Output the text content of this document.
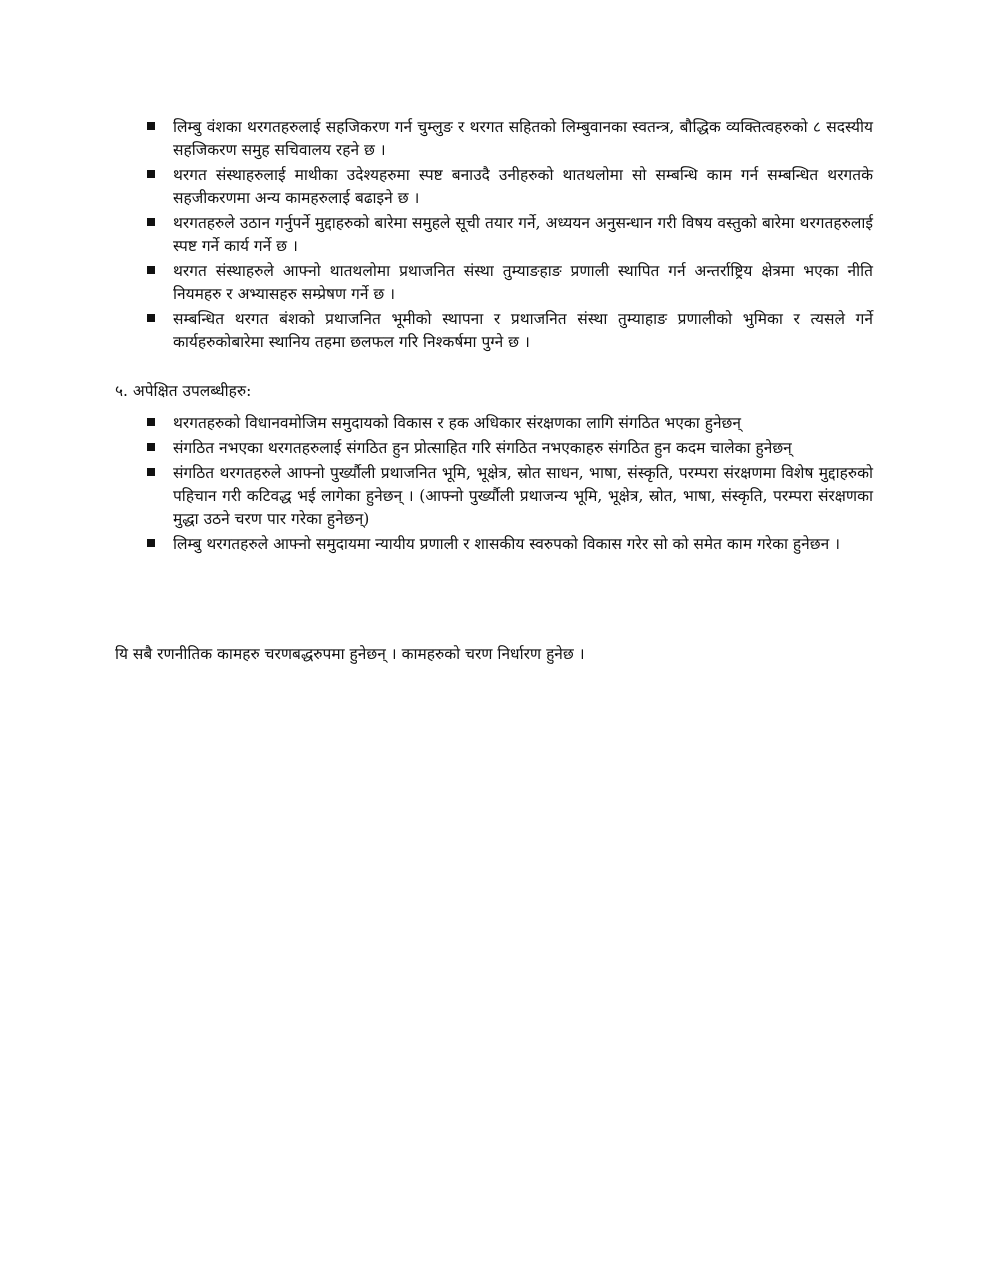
लिम्बु वंशका थरगतहरुलाई सहजिकरण गर्न चुम्लुङ र थरगत सहितको लिम्बुवानका स्वतन्त्र, बौद्धिक व्यक्तित्वहरुको ८ सदस्यीय सहजिकरण समुह सचिवालय रहने छ ।
थरगत संस्थाहरुलाई माथीका उदेश्यहरुमा स्पष्ट बनाउदै उनीहरुको थातथलोमा सो सम्बन्धि काम गर्न सम्बन्धित थरगतके सहजीकरणमा अन्य कामहरुलाई बढाइने छ ।
थरगतहरुले उठान गर्नुपर्ने मुद्दाहरुको बारेमा समुहले सूची तयार गर्ने, अध्ययन अनुसन्धान गरी विषय वस्तुको बारेमा थरगतहरुलाई स्पष्ट गर्ने कार्य गर्ने छ ।
थरगत संस्थाहरुले आफ्नो थातथलोमा प्रथाजनित संस्था तुम्याङहाङ प्रणाली स्थापित गर्न अन्तर्राष्ट्रिय क्षेत्रमा भएका नीति नियमहरु र अभ्यासहरु सम्प्रेषण गर्ने छ ।
सम्बन्धित थरगत बंशको प्रथाजनित भूमीको स्थापना र प्रथाजनित संस्था तुम्याहाङ प्रणालीको भुमिका र त्यसले गर्ने कार्यहरुकोबारेमा स्थानिय तहमा छलफल गरि निश्कर्षमा पुग्ने छ ।
५. अपेक्षित उपलब्धीहरु:
थरगतहरुको विधानवमोजिम समुदायको विकास र हक अधिकार संरक्षणका लागि संगठित भएका हुनेछन्
संगठित नभएका थरगतहरुलाई संगठित हुन प्रोत्साहित गरि संगठित नभएकाहरु संगठित हुन कदम चालेका हुनेछन्
संगठित थरगतहरुले आफ्नो पुर्ख्यौली प्रथाजनित भूमि, भूक्षेत्र, स्रोत साधन, भाषा, संस्कृति, परम्परा संरक्षणमा विशेष मुद्दाहरुको पहिचान गरी कटिवद्ध भई लागेका हुनेछन् । (आफ्नो पुर्ख्यौली प्रथाजन्य भूमि, भूक्षेत्र, स्रोत, भाषा, संस्कृति, परम्परा संरक्षणका मुद्धा उठने चरण पार गरेका हुनेछन्)
लिम्बु थरगतहरुले आफ्नो समुदायमा न्यायीय प्रणाली र शासकीय स्वरुपको विकास गरेर सो को समेत काम गरेका हुनेछन ।

यि सबै रणनीतिक कामहरु चरणबद्धरुपमा हुनेछन् । कामहरुको चरण निर्धारण हुनेछ ।
